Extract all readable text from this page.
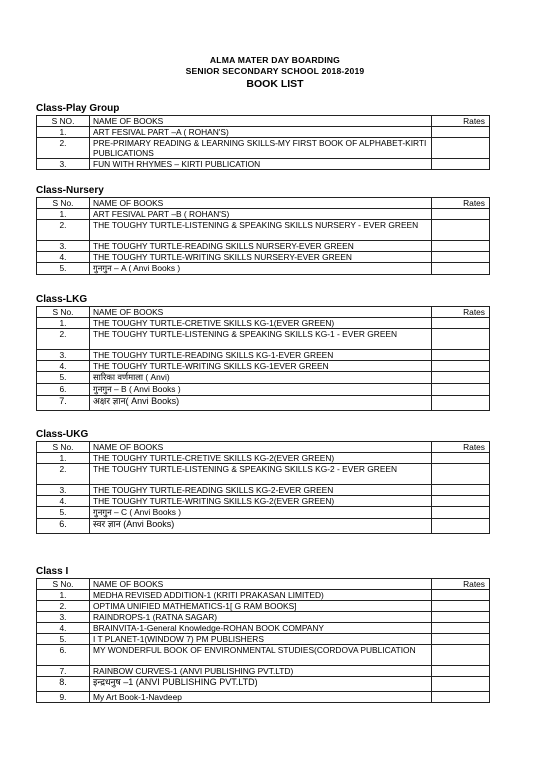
ALMA MATER DAY BOARDING
SENIOR SECONDARY SCHOOL 2018-2019
BOOK LIST
Class-Play Group
S NO.	NAME OF BOOKS	Rates
1.	ART FESIVAL PART –A ( ROHAN'S)	
2.	PRE-PRIMARY READING & LEARNING SKILLS-MY FIRST BOOK OF ALPHABET-KIRTI PUBLICATIONS	
3.	FUN WITH RHYMES – KIRTI PUBLICATION	
Class-Nursery
S No.	NAME OF BOOKS	Rates
1.	ART FESIVAL PART –B ( ROHAN'S)	
2.	THE TOUGHY TURTLE-LISTENING & SPEAKING SKILLS NURSERY - EVER GREEN	
3.	THE TOUGHY TURTLE-READING SKILLS NURSERY-EVER GREEN	
4.	THE TOUGHY TURTLE-WRITING SKILLS NURSERY-EVER GREEN	
5.	गुनगुन – A ( Anvi Books )	
Class-LKG
S No.	NAME OF BOOKS	Rates
1.	THE TOUGHY TURTLE-CRETIVE SKILLS KG-1(EVER GREEN)	
2.	THE TOUGHY TURTLE-LISTENING & SPEAKING SKILLS KG-1 - EVER GREEN	
3.	THE TOUGHY TURTLE-READING SKILLS KG-1-EVER GREEN	
4.	THE TOUGHY TURTLE-WRITING SKILLS KG-1EVER GREEN	
5.	सारिका वर्णमाला ( Anvi)	
6.	गुनगुन – B ( Anvi Books )	
7.	अक्षर ज्ञान( Anvi Books)	
Class-UKG
S No.	NAME OF BOOKS	Rates
1.	THE TOUGHY TURTLE-CRETIVE SKILLS KG-2(EVER GREEN)	
2.	THE TOUGHY TURTLE-LISTENING & SPEAKING SKILLS KG-2 - EVER GREEN	
3.	THE TOUGHY TURTLE-READING SKILLS KG-2-EVER GREEN	
4.	THE TOUGHY TURTLE-WRITING SKILLS KG-2(EVER GREEN)	
5.	गुनगुन – C ( Anvi Books )	
6.	स्वर ज्ञान (Anvi Books)	
Class I
S No.	NAME OF BOOKS	Rates
1.	MEDHA REVISED ADDITION-1 (KRITI PRAKASAN LIMITED)	
2.	OPTIMA UNIFIED MATHEMATICS-1[ G RAM BOOKS]	
3.	RAINDROPS-1 (RATNA SAGAR)	
4.	BRAINVITA-1-General Knowledge-ROHAN BOOK COMPANY	
5.	I T PLANET-1(WINDOW 7) PM PUBLISHERS	
6.	MY WONDERFUL BOOK OF ENVIRONMENTAL STUDIES(CORDOVA PUBLICATION	
7.	RAINBOW CURVES-1 (ANVI PUBLISHING PVT.LTD)	
8.	इन्द्रधनुष –1 (ANVI PUBLISHING PVT.LTD)	
9.	My Art Book-1-Navdeep	
